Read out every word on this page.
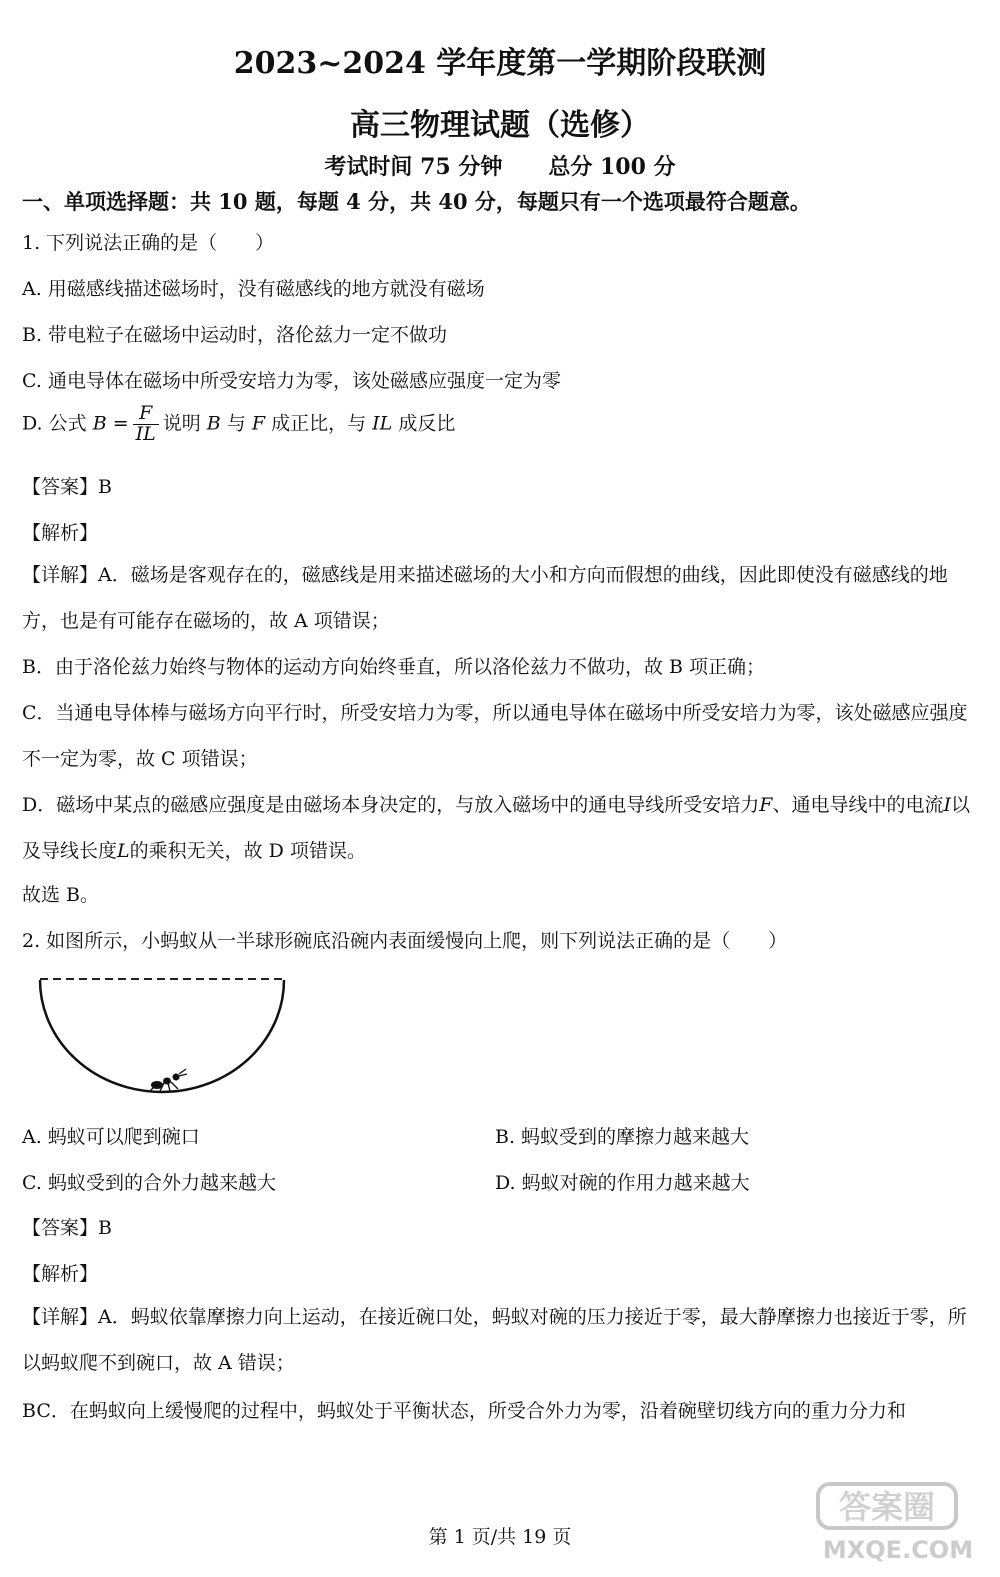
2023~2024 学年度第一学期阶段联测
高三物理试题（选修）
考试时间 75 分钟 总分 100 分
一、单项选择题：共 10 题，每题 4 分，共 40 分，每题只有一个选项最符合题意。
1. 下列说法正确的是（　　）
A. 用磁感线描述磁场时，没有磁感线的地方就没有磁场
B. 带电粒子在磁场中运动时，洛伦兹力一定不做功
C. 通电导体在磁场中所受安培力为零，该处磁感应强度一定为零
D. 公式 $B = \frac{F}{IL}$ 说明 B 与 F 成正比，与 IL 成反比
【答案】B
【解析】
【详解】A．磁场是客观存在的，磁感线是用来描述磁场的大小和方向而假想的曲线，因此即使没有磁感线的地方，也是有可能存在磁场的，故 A 项错误；
B．由于洛伦兹力始终与物体的运动方向始终垂直，所以洛伦兹力不做功，故 B 项正确；
C．当通电导体棒与磁场方向平行时，所受安培力为零，所以通电导体在磁场中所受安培力为零，该处磁感应强度不一定为零，故 C 项错误；
D．磁场中某点的磁感应强度是由磁场本身决定的，与放入磁场中的通电导线所受安培力F、通电导线中的电流I以及导线长度L的乘积无关，故 D 项错误。
故选 B。
2. 如图所示，小蚂蚁从一半球形碗底沿碗内表面缓慢向上爬，则下列说法正确的是（　　）
A. 蚂蚁可以爬到碗口	B. 蚂蚁受到的摩擦力越来越大
C. 蚂蚁受到的合外力越来越大	D. 蚂蚁对碗的作用力越来越大
【答案】B
【解析】
【详解】A．蚂蚁依靠摩擦力向上运动，在接近碗口处，蚂蚁对碗的压力接近于零，最大静摩擦力也接近于零，所以蚂蚁爬不到碗口，故 A 错误；
BC．在蚂蚁向上缓慢爬的过程中，蚂蚁处于平衡状态，所受合外力为零，沿着碗壁切线方向的重力分力和
答案圈
MXQE.COM
第 1 页/共 19 页
